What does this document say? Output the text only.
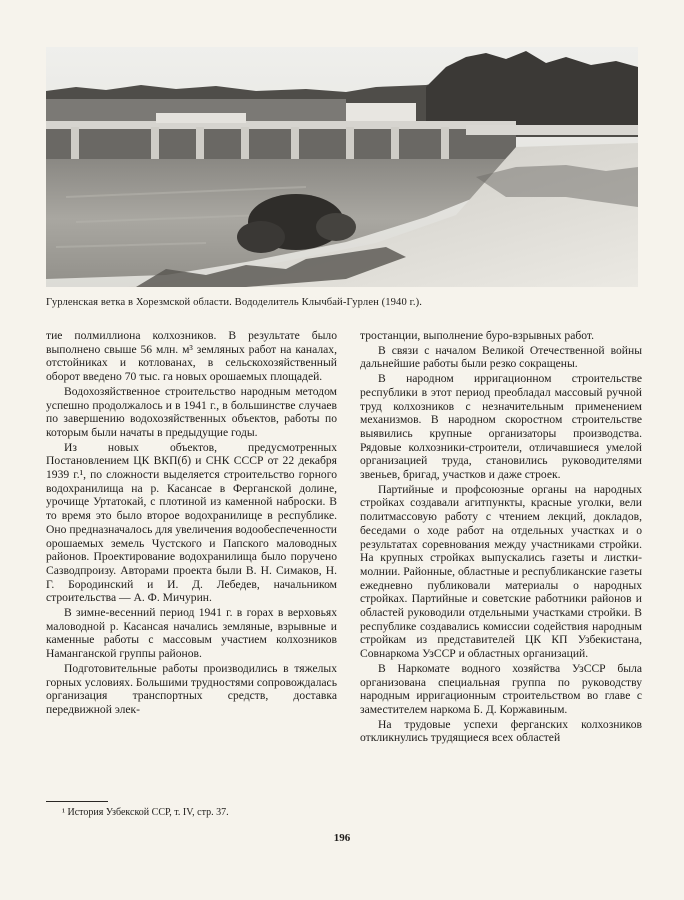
Гурленская ветка в Хорезмской области. Вододелитель Клычбай-Гурлен (1940 г.).

тие полмиллиона колхозников. В результате было выполнено свыше 56 млн. м³ земляных работ на каналах, отстойниках и котлованах, в сельскохозяйственный оборот введено 70 тыс. га новых орошаемых площадей.

Водохозяйственное строительство народным методом успешно продолжалось и в 1941 г., в большинстве случаев по завершению водохозяйственных объектов, работы по которым были начаты в предыдущие годы.

Из новых объектов, предусмотренных Постановлением ЦК ВКП(б) и СНК СССР от 22 декабря 1939 г.¹, по сложности выделяется строительство горного водохранилища на р. Касансае в Ферганской долине, урочище Уртатокай, с плотиной из каменной наброски. В то время это было второе водохранилище в республике. Оно предназначалось для увеличения водообеспеченности орошаемых земель Чустского и Папского маловодных районов. Проектирование водохранилища было поручено Сазводпроизу. Авторами проекта были В. Н. Симаков, Н. Г. Бородинский и И. Д. Лебедев, начальником строительства — А. Ф. Мичурин.

В зимне-весенний период 1941 г. в горах в верховьях маловодной р. Касансая начались земляные, взрывные и каменные работы с массовым участием колхозников Наманганской группы районов.

Подготовительные работы производились в тяжелых горных условиях. Большими трудностями сопровождалась организация транспортных средств, доставка передвижной элек-

тростанции, выполнение буро-взрывных работ.

В связи с началом Великой Отечественной войны дальнейшие работы были резко сокращены.

В народном ирригационном строительстве республики в этот период преобладал массовый ручной труд колхозников с незначительным применением механизмов. В народном скоростном строительстве выявились крупные организаторы производства. Рядовые колхозники-строители, отличавшиеся умелой организацией труда, становились руководителями звеньев, бригад, участков и даже строек.

Партийные и профсоюзные органы на народных стройках создавали агитпункты, красные уголки, вели политмассовую работу с чтением лекций, докладов, беседами о ходе работ на отдельных участках и о результатах соревнования между участниками стройки. На крупных стройках выпускались газеты и листки-молнии. Районные, областные и республиканские газеты ежедневно публиковали материалы о народных стройках. Партийные и советские работники районов и областей руководили отдельными участками стройки. В республике создавались комиссии содействия народным стройкам из представителей ЦК КП Узбекистана, Совнаркома УзССР и областных организаций.

В Наркомате водного хозяйства УзССР была организована специальная группа по руководству народным ирригационным строительством во главе с заместителем наркома Б. Д. Коржавиным.

На трудовые успехи ферганских колхозников откликнулись трудящиеся всех областей

¹ История Узбекской ССР, т. IV, стр. 37.
196
